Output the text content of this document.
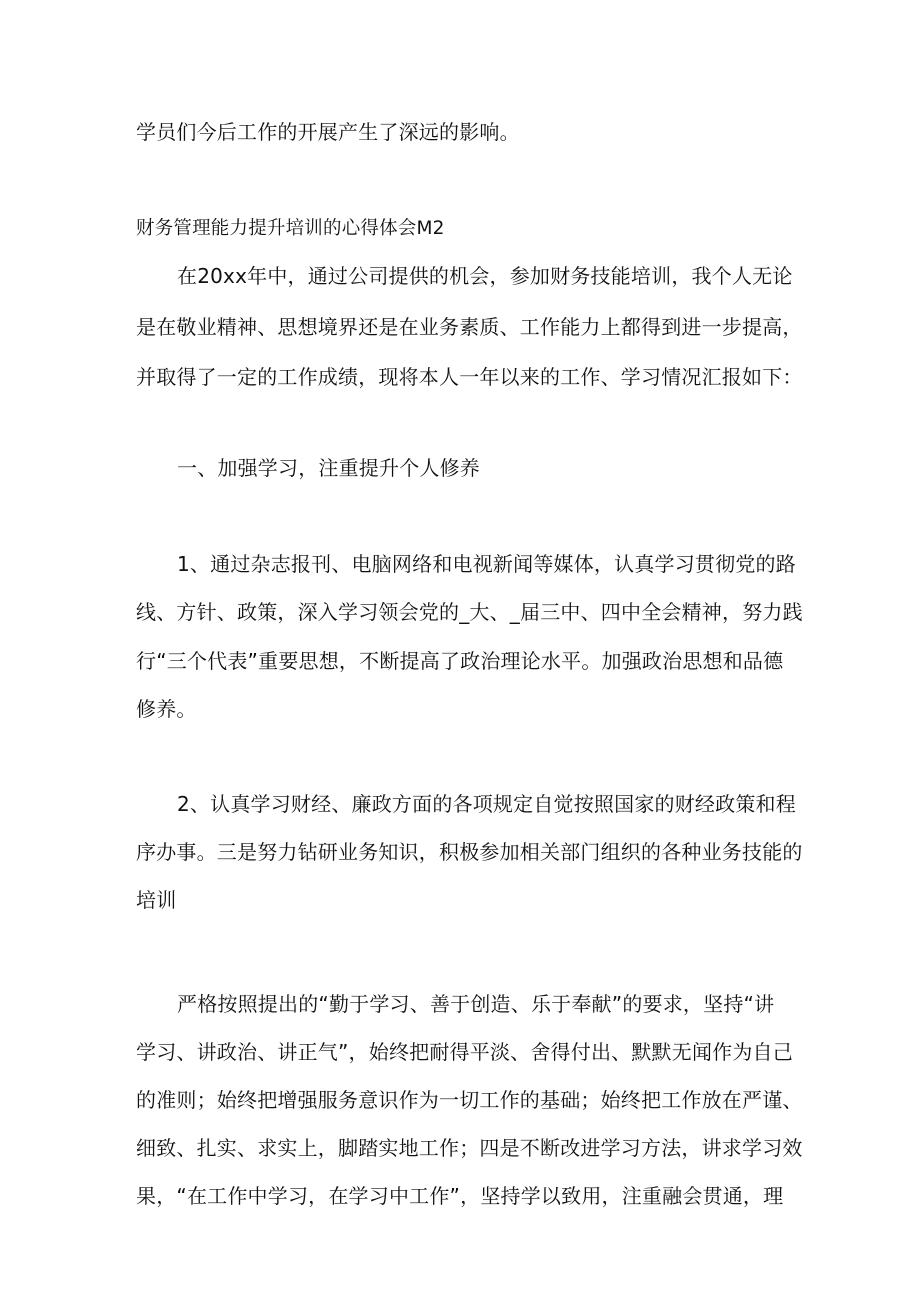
学员们今后工作的开展产生了深远的影响。
财务管理能力提升培训的心得体会M2
在20xx年中，通过公司提供的机会，参加财务技能培训，我个人无论
是在敬业精神、思想境界还是在业务素质、工作能力上都得到进一步提高，
并取得了一定的工作成绩，现将本人一年以来的工作、学习情况汇报如下：
一、加强学习，注重提升个人修养
1、通过杂志报刊、电脑网络和电视新闻等媒体，认真学习贯彻党的路
线、方针、政策，深入学习领会党的_大、_届三中、四中全会精神，努力践
行“三个代表”重要思想，不断提高了政治理论水平。加强政治思想和品德
修养。
2、认真学习财经、廉政方面的各项规定自觉按照国家的财经政策和程
序办事。三是努力钻研业务知识，积极参加相关部门组织的各种业务技能的
培训
严格按照提出的“勤于学习、善于创造、乐于奉献”的要求，坚持“讲
学习、讲政治、讲正气”，始终把耐得平淡、舍得付出、默默无闻作为自己
的准则；始终把增强服务意识作为一切工作的基础；始终把工作放在严谨、
细致、扎实、求实上，脚踏实地工作；四是不断改进学习方法，讲求学习效
果，“在工作中学习，在学习中工作”，坚持学以致用，注重融会贯通，理
